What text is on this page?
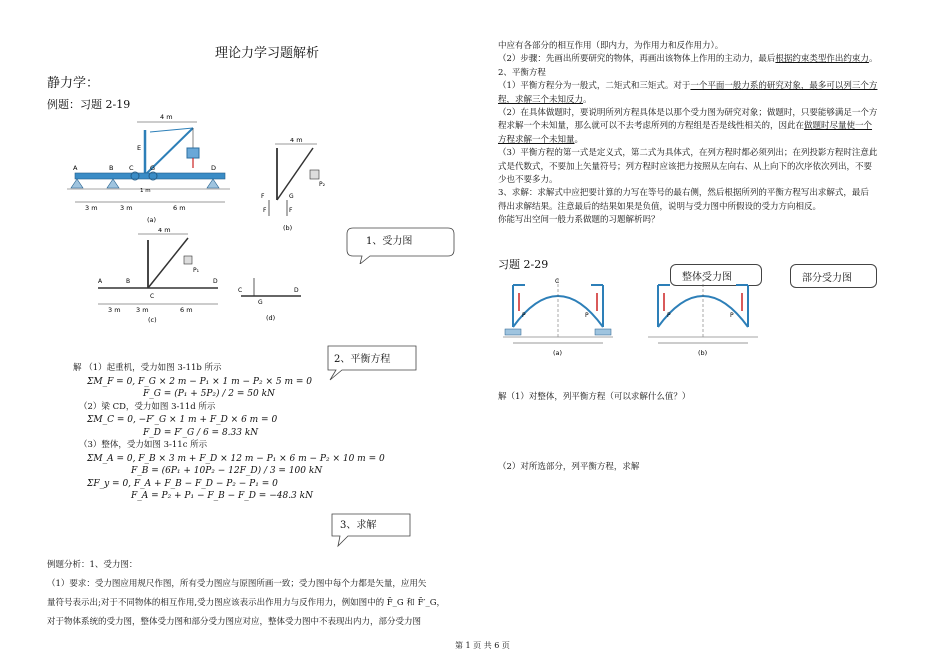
理论力学习题解析
静力学：
例题：习题 2-19
4 m
A	B C	G	D
E
3 m	3 m	6 m
1 m
(a)
4 m
P₂
F	G
F	F
(b)
4 m
P₁
A	B
C
D
3 m 3 m	6 m
(c)
C	D
G
(d)
1、受力图
2、平衡方程
3、求解
解 （1）起重机，受力如图 3-11b 所示
ΣM_F = 0, F_G × 2 m − P₁ × 1 m − P₂ × 5 m = 0
F_G = (P₁ + 5P₂) / 2 = 50 kN
（2）梁 CD，受力如图 3-11d 所示
ΣM_C = 0, −F′_G × 1 m + F_D × 6 m = 0
F_D = F′_G / 6 = 8.33 kN
（3）整体，受力如图 3-11c 所示
ΣM_A = 0, F_B × 3 m + F_D × 12 m − P₁ × 6 m − P₂ × 10 m = 0
F_B = (6P₁ + 10P₂ − 12F_D) / 3 = 100 kN
ΣF_y = 0, F_A + F_B − F_D − P₂ − P₁ = 0
F_A = P₂ + P₁ − F_B − F_D = −48.3 kN
例题分析：1、受力图：
（1）要求：受力图应用规尺作图，所有受力图应与原图所画一致；受力图中每个力都是矢量，应用矢
量符号表示出;对于不同物体的相互作用,受力图应该表示出作用力与反作用力，例如图中的 F̄_G 和 F̄′_G，
对于物体系统的受力图，整体受力图和部分受力图应对应，整体受力图中不表现出内力，部分受力图
中应有各部分的相互作用（即内力，为作用力和反作用力）。
（2）步骤：先画出所要研究的物体，再画出该物体上作用的主动力，最后根据约束类型作出约束力。
2、平衡方程
（1）平衡方程分为一般式，二矩式和三矩式。对于一个平面一般力系的研究对象，最多可以列三个方
程，求解三个未知反力。
（2）在具体做题时，要说明所列方程具体是以那个受力图为研究对象；做题时，只要能够满足一个方
程求解一个未知量，那么就可以不去考虑所列的方程组是否是线性相关的，因此在做题时尽量使一个
方程求解一个未知量。
（3）平衡方程的第一式是定义式，第二式为具体式，在列方程时都必须列出；在列投影方程时注意此
式是代数式，不要加上矢量符号；列方程时应该把力按照从左向右、从上向下的次序依次列出，不要
少也不要多力。
3、求解：求解式中应把要计算的力写在等号的最右侧，然后根据所列的平衡方程写出求解式，最后
得出求解结果。注意最后的结果如果是负值，说明与受力图中所假设的受力方向相反。
你能写出空间一般力系做题的习题解析吗？
习题 2-29
整体受力图	部分受力图
P	P
C
(a)
P	P
(b)
解（1）对整体，列平衡方程（可以求解什么值？）
（2）对所选部分，列平衡方程，求解
第 1 页 共 6 页
